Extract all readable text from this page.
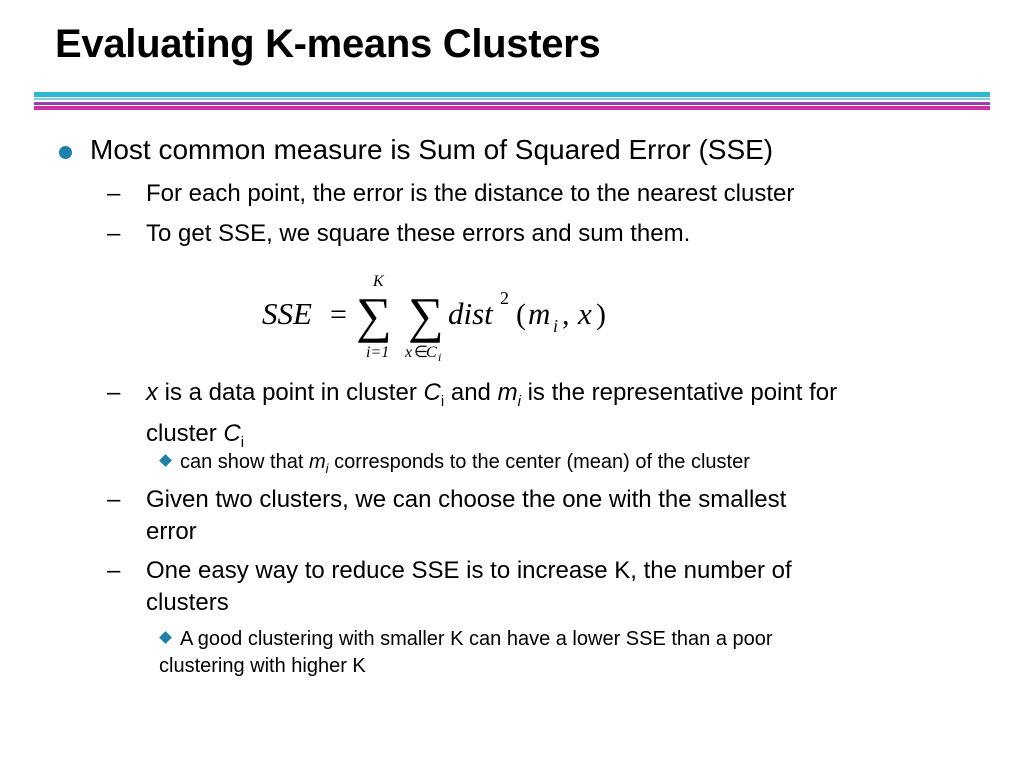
Evaluating K-means Clusters
Most common measure is Sum of Squared Error (SSE)
– For each point, the error is the distance to the nearest cluster
– To get SSE, we square these errors and sum them.
SSE =
K
∑
i=1
∑
x ∈
C i
dist 2 ( m i , x )
– x is a data point in cluster $C_i$ and $m_i$ is the representative point for
cluster $C_i$
can show that $m_i$ corresponds to the center (mean) of the cluster
– Given two clusters, we can choose the one with the smallest
error
– One easy way to reduce SSE is to increase K, the number of
clusters
A good clustering with smaller K can have a lower SSE than a poor
clustering with higher K
